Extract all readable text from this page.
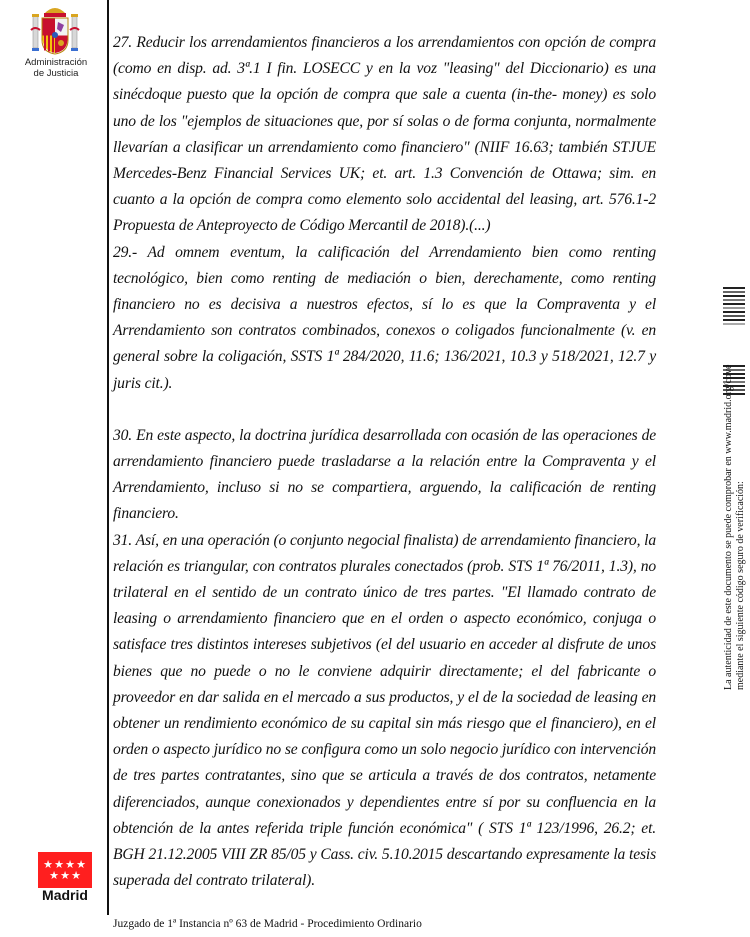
Administración
de Justicia

27. Reducir los arrendamientos financieros a los arrendamientos con opción de compra (como en disp. ad. 3ª.1 I fin. LOSECC y en la voz "leasing" del Diccionario) es una sinécdoque puesto que la opción de compra que sale a cuenta (in-the- money) es solo uno de los "ejemplos de situaciones que, por sí solas o de forma conjunta, normalmente llevarían a clasificar un arrendamiento como financiero" (NIIF 16.63; también STJUE Mercedes-Benz Financial Services UK; et. art. 1.3 Convención de Ottawa; sim. en cuanto a la opción de compra como elemento solo accidental del leasing, art. 576.1-2 Propuesta de Anteproyecto de Código Mercantil de 2018).(...)

29.- Ad omnem eventum, la calificación del Arrendamiento bien como renting tecnológico, bien como renting de mediación o bien, derechamente, como renting financiero no es decisiva a nuestros efectos, sí lo es que la Compraventa y el Arrendamiento son contratos combinados, conexos o coligados funcionalmente (v. en general sobre la coligación, SSTS 1ª 284/2020, 11.6; 136/2021, 10.3 y 518/2021, 12.7 y juris cit.).

30. En este aspecto, la doctrina jurídica desarrollada con ocasión de las operaciones de arrendamiento financiero puede trasladarse a la relación entre la Compraventa y el Arrendamiento, incluso si no se compartiera, arguendo, la calificación de renting financiero.

31. Así, en una operación (o conjunto negocial finalista) de arrendamiento financiero, la relación es triangular, con contratos plurales conectados (prob. STS 1ª 76/2011, 1.3), no trilateral en el sentido de un contrato único de tres partes. "El llamado contrato de leasing o arrendamiento financiero que en el orden o aspecto económico, conjuga o satisface tres distintos intereses subjetivos (el del usuario en acceder al disfrute de unos bienes que no puede o no le conviene adquirir directamente; el del fabricante o proveedor en dar salida en el mercado a sus productos, y el de la sociedad de leasing en obtener un rendimiento económico de su capital sin más riesgo que el financiero), en el orden o aspecto jurídico no se configura como un solo negocio jurídico con intervención de tres partes contratantes, sino que se articula a través de dos contratos, netamente diferenciados, aunque conexionados y dependientes entre sí por su confluencia en la obtención de la antes referida triple función económica" ( STS 1ª 123/1996, 26.2; et. BGH 21.12.2005 VIII ZR 85/05 y Cass. civ. 5.10.2015 descartando expresamente la tesis superada del contrato trilateral).

★ ★ ★ ★
★ ★ ★
Madrid
Juzgado de 1ª Instancia nº 63 de Madrid - Procedimiento Ordinario
La autenticidad de este documento se puede comprobar en www.madrid.org/cove mediante el siguiente código seguro de verificación:
